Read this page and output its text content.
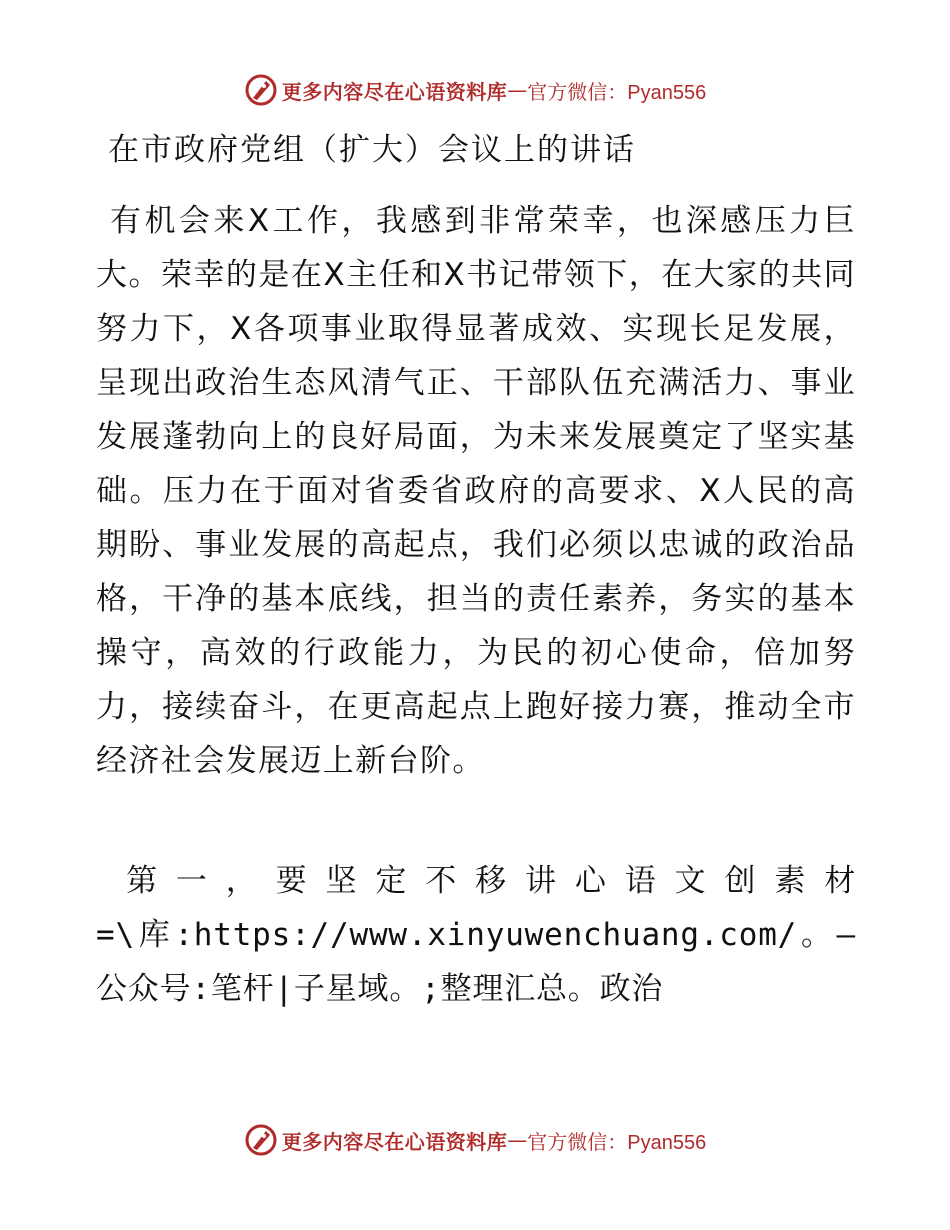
更多内容尽在心语资料库 — 官方微信：Pyan556
在市政府党组（扩大）会议上的讲话

有机会来X工作，我感到非常荣幸，也深感压力巨大。荣幸的是在X主任和X书记带领下，在大家的共同努力下，X各项事业取得显著成效、实现长足发展，呈现出政治生态风清气正、干部队伍充满活力、事业发展蓬勃向上的良好局面，为未来发展奠定了坚实基础。压力在于面对省委省政府的高要求、X人民的高期盼、事业发展的高起点，我们必须以忠诚的政治品格，干净的基本底线，担当的责任素养，务实的基本操守，高效的行政能力，为民的初心使命，倍加努力，接续奋斗，在更高起点上跑好接力赛，推动全市经济社会发展迈上新台阶。

第一，要坚定不移讲心语文创素材=\库:https://www.xinyuwenchuang.com/。—公众号:笔杆|子星域。;整理汇总。政治

更多内容尽在心语资料库 — 官方微信：Pyan556
